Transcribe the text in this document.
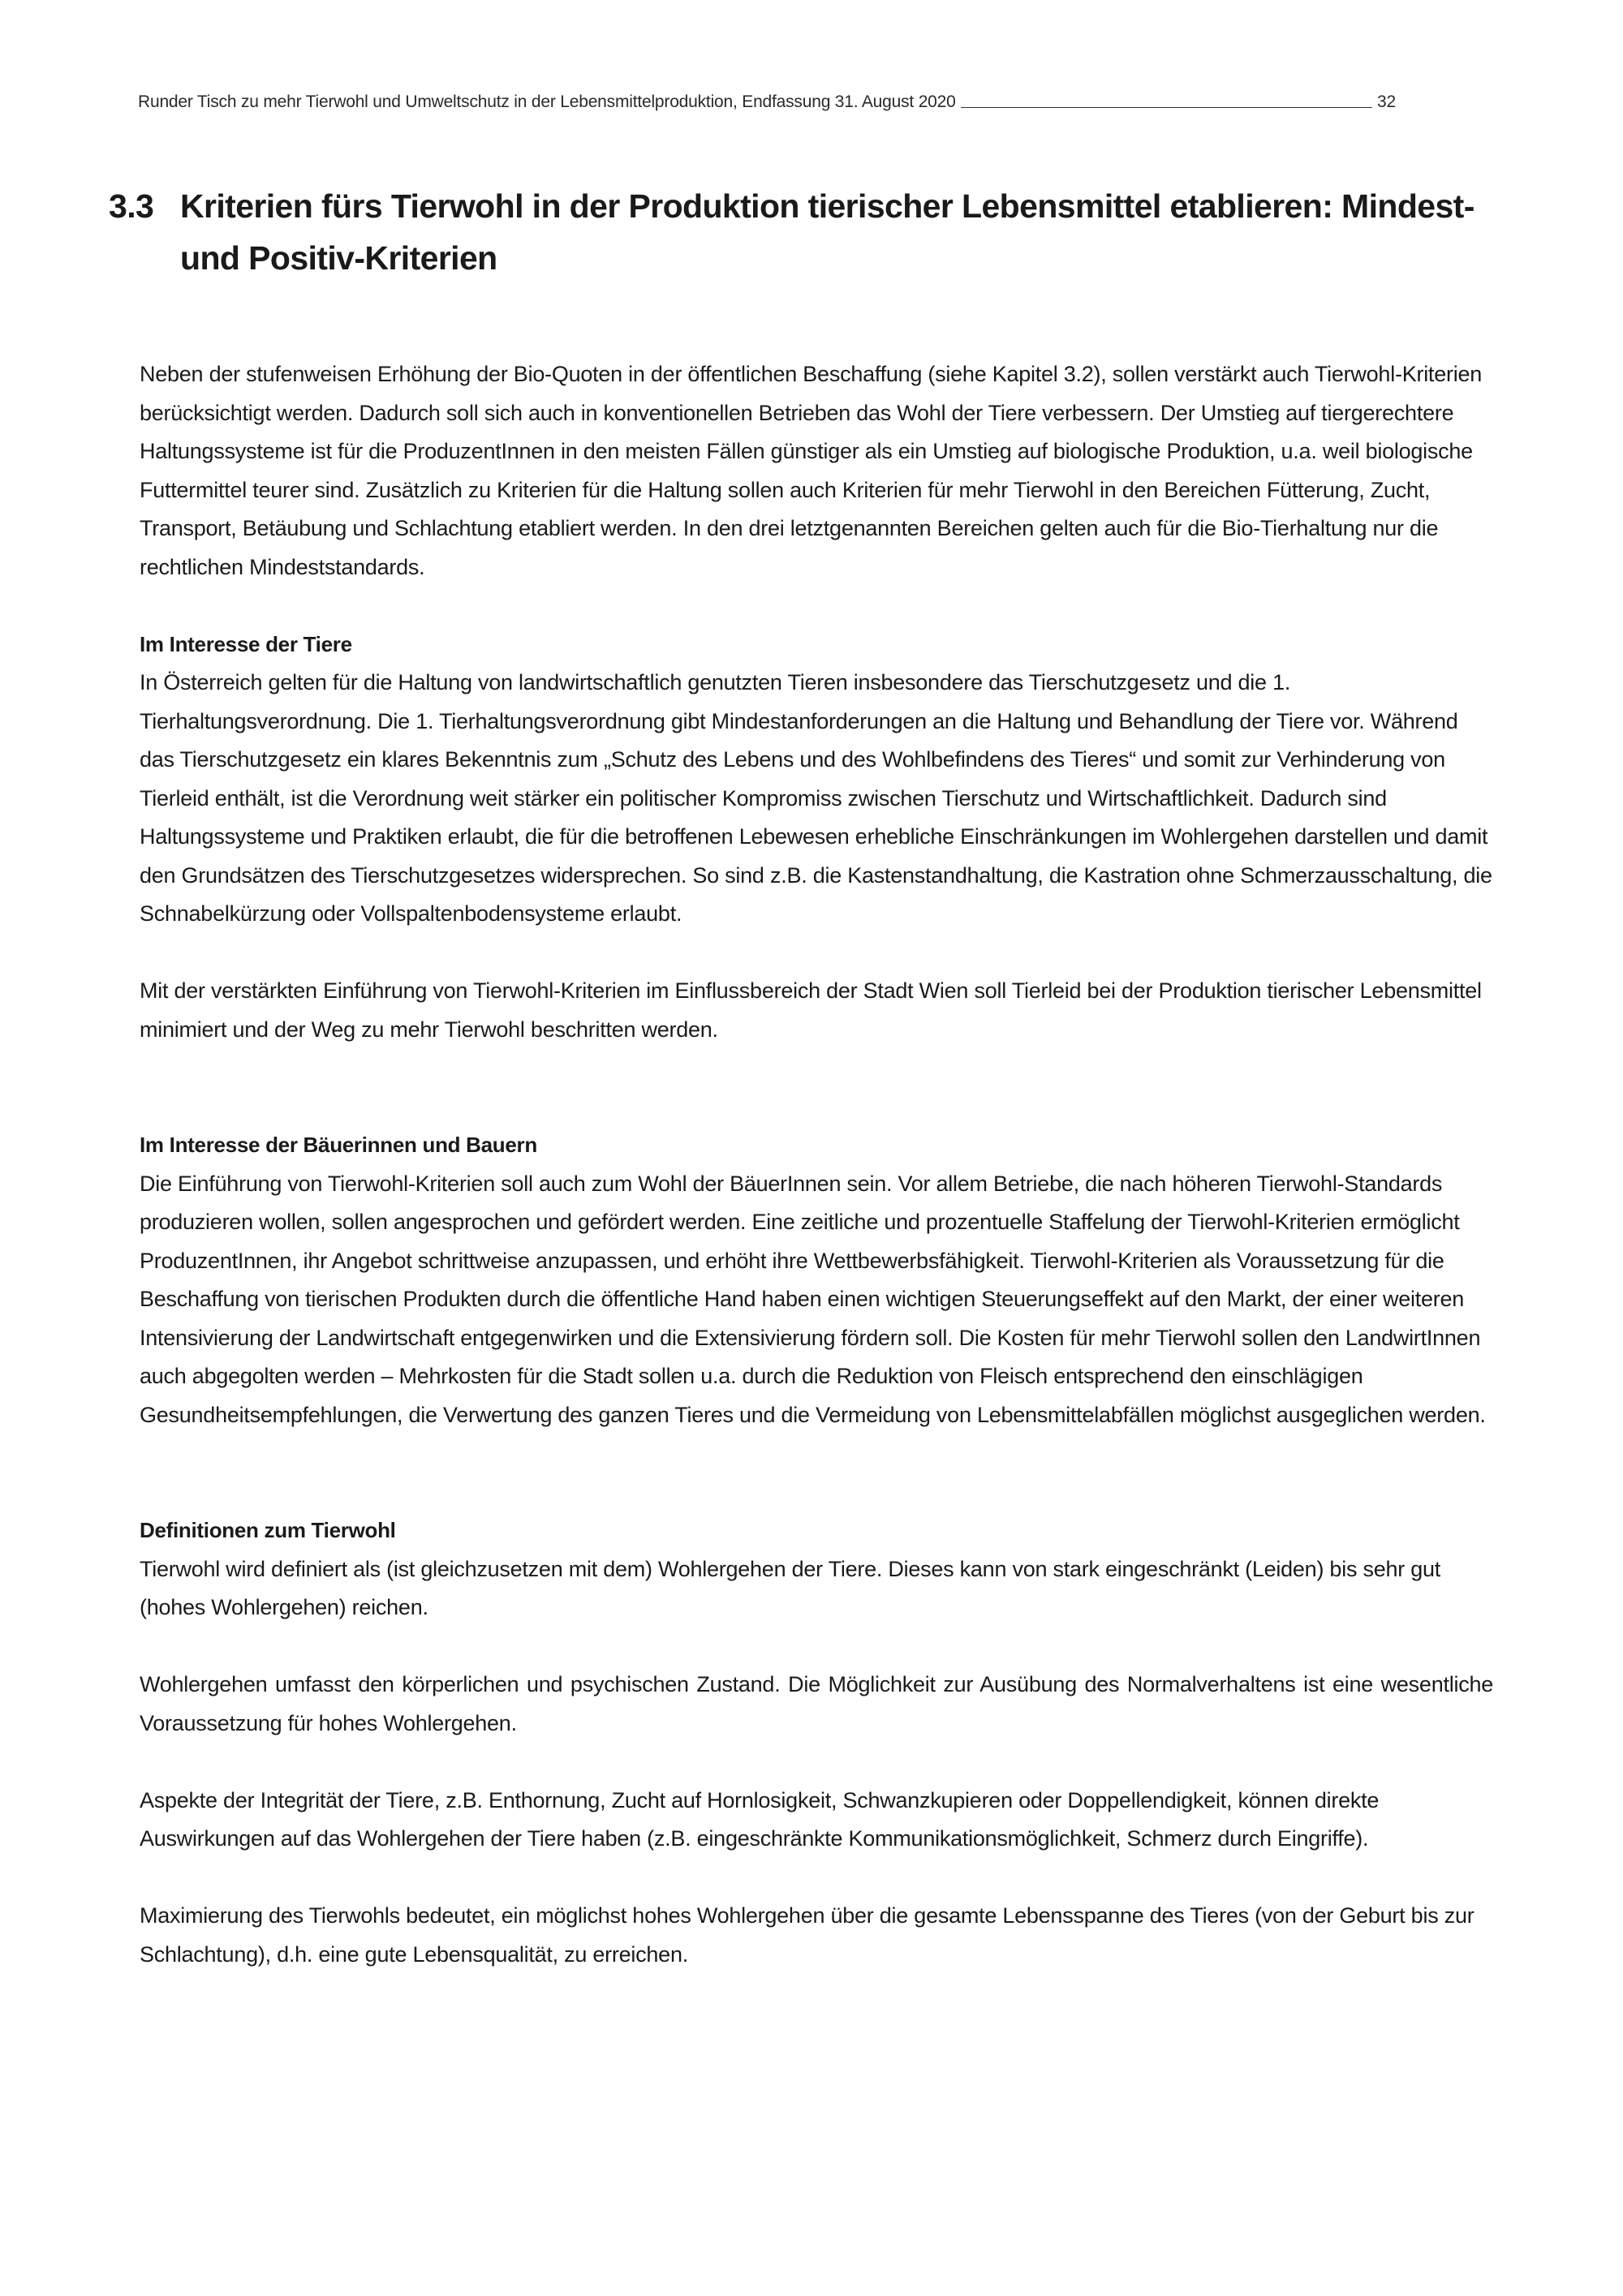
Runder Tisch zu mehr Tierwohl und Umweltschutz in der Lebensmittelproduktion, Endfassung 31. August 2020	32
3.3 Kriterien fürs Tierwohl in der Produktion tierischer Lebensmittel etablieren: Mindest- und Positiv-Kriterien

Neben der stufenweisen Erhöhung der Bio-Quoten in der öffentlichen Beschaffung (siehe Kapitel 3.2), sollen verstärkt auch Tierwohl-Kriterien berücksichtigt werden. Dadurch soll sich auch in konventionellen Betrieben das Wohl der Tiere verbessern. Der Umstieg auf tiergerechtere Haltungssysteme ist für die ProduzentInnen in den meisten Fällen günstiger als ein Umstieg auf biologische Produktion, u.a. weil biologische Futtermittel teurer sind. Zusätzlich zu Kriterien für die Haltung sollen auch Kriterien für mehr Tierwohl in den Bereichen Fütterung, Zucht, Transport, Betäubung und Schlachtung etabliert werden. In den drei letztgenannten Bereichen gelten auch für die Bio-Tierhaltung nur die rechtlichen Mindeststandards.

Im Interesse der Tiere

In Österreich gelten für die Haltung von landwirtschaftlich genutzten Tieren insbesondere das Tierschutzgesetz und die 1. Tierhaltungsverordnung. Die 1. Tierhaltungsverordnung gibt Mindestanforderungen an die Haltung und Behandlung der Tiere vor. Während das Tierschutzgesetz ein klares Bekenntnis zum „Schutz des Lebens und des Wohlbefindens des Tieres“ und somit zur Verhinderung von Tierleid enthält, ist die Verordnung weit stärker ein politischer Kompromiss zwischen Tierschutz und Wirtschaftlichkeit. Dadurch sind Haltungssysteme und Praktiken erlaubt, die für die betroffenen Lebewesen erhebliche Einschränkungen im Wohlergehen darstellen und damit den Grundsätzen des Tierschutzgesetzes widersprechen. So sind z.B. die Kastenstandhaltung, die Kastration ohne Schmerzausschaltung, die Schnabelkürzung oder Vollspaltenbodensysteme erlaubt.

Mit der verstärkten Einführung von Tierwohl-Kriterien im Einflussbereich der Stadt Wien soll Tierleid bei der Produktion tierischer Lebensmittel minimiert und der Weg zu mehr Tierwohl beschritten werden.

Im Interesse der Bäuerinnen und Bauern

Die Einführung von Tierwohl-Kriterien soll auch zum Wohl der BäuerInnen sein. Vor allem Betriebe, die nach höheren Tierwohl-Standards produzieren wollen, sollen angesprochen und gefördert werden. Eine zeitliche und prozentuelle Staffelung der Tierwohl-Kriterien ermöglicht ProduzentInnen, ihr Angebot schrittweise anzupassen, und erhöht ihre Wettbewerbsfähigkeit. Tierwohl-Kriterien als Voraussetzung für die Beschaffung von tierischen Produkten durch die öffentliche Hand haben einen wichtigen Steuerungseffekt auf den Markt, der einer weiteren Intensivierung der Landwirtschaft entgegenwirken und die Extensivierung fördern soll. Die Kosten für mehr Tierwohl sollen den LandwirtInnen auch abgegolten werden – Mehrkosten für die Stadt sollen u.a. durch die Reduktion von Fleisch entsprechend den einschlägigen Gesundheitsempfehlungen, die Verwertung des ganzen Tieres und die Vermeidung von Lebensmittelabfällen möglichst ausgeglichen werden.

Definitionen zum Tierwohl

Tierwohl wird definiert als (ist gleichzusetzen mit dem) Wohlergehen der Tiere. Dieses kann von stark eingeschränkt (Leiden) bis sehr gut (hohes Wohlergehen) reichen.

Wohlergehen umfasst den körperlichen und psychischen Zustand. Die Möglichkeit zur Ausübung des Normalverhaltens ist eine wesentliche Voraussetzung für hohes Wohlergehen.

Aspekte der Integrität der Tiere, z.B. Enthornung, Zucht auf Hornlosigkeit, Schwanzkupieren oder Doppellendigkeit, können direkte Auswirkungen auf das Wohlergehen der Tiere haben (z.B. eingeschränkte Kommunikationsmöglichkeit, Schmerz durch Eingriffe).

Maximierung des Tierwohls bedeutet, ein möglichst hohes Wohlergehen über die gesamte Lebensspanne des Tieres (von der Geburt bis zur Schlachtung), d.h. eine gute Lebensqualität, zu erreichen.
